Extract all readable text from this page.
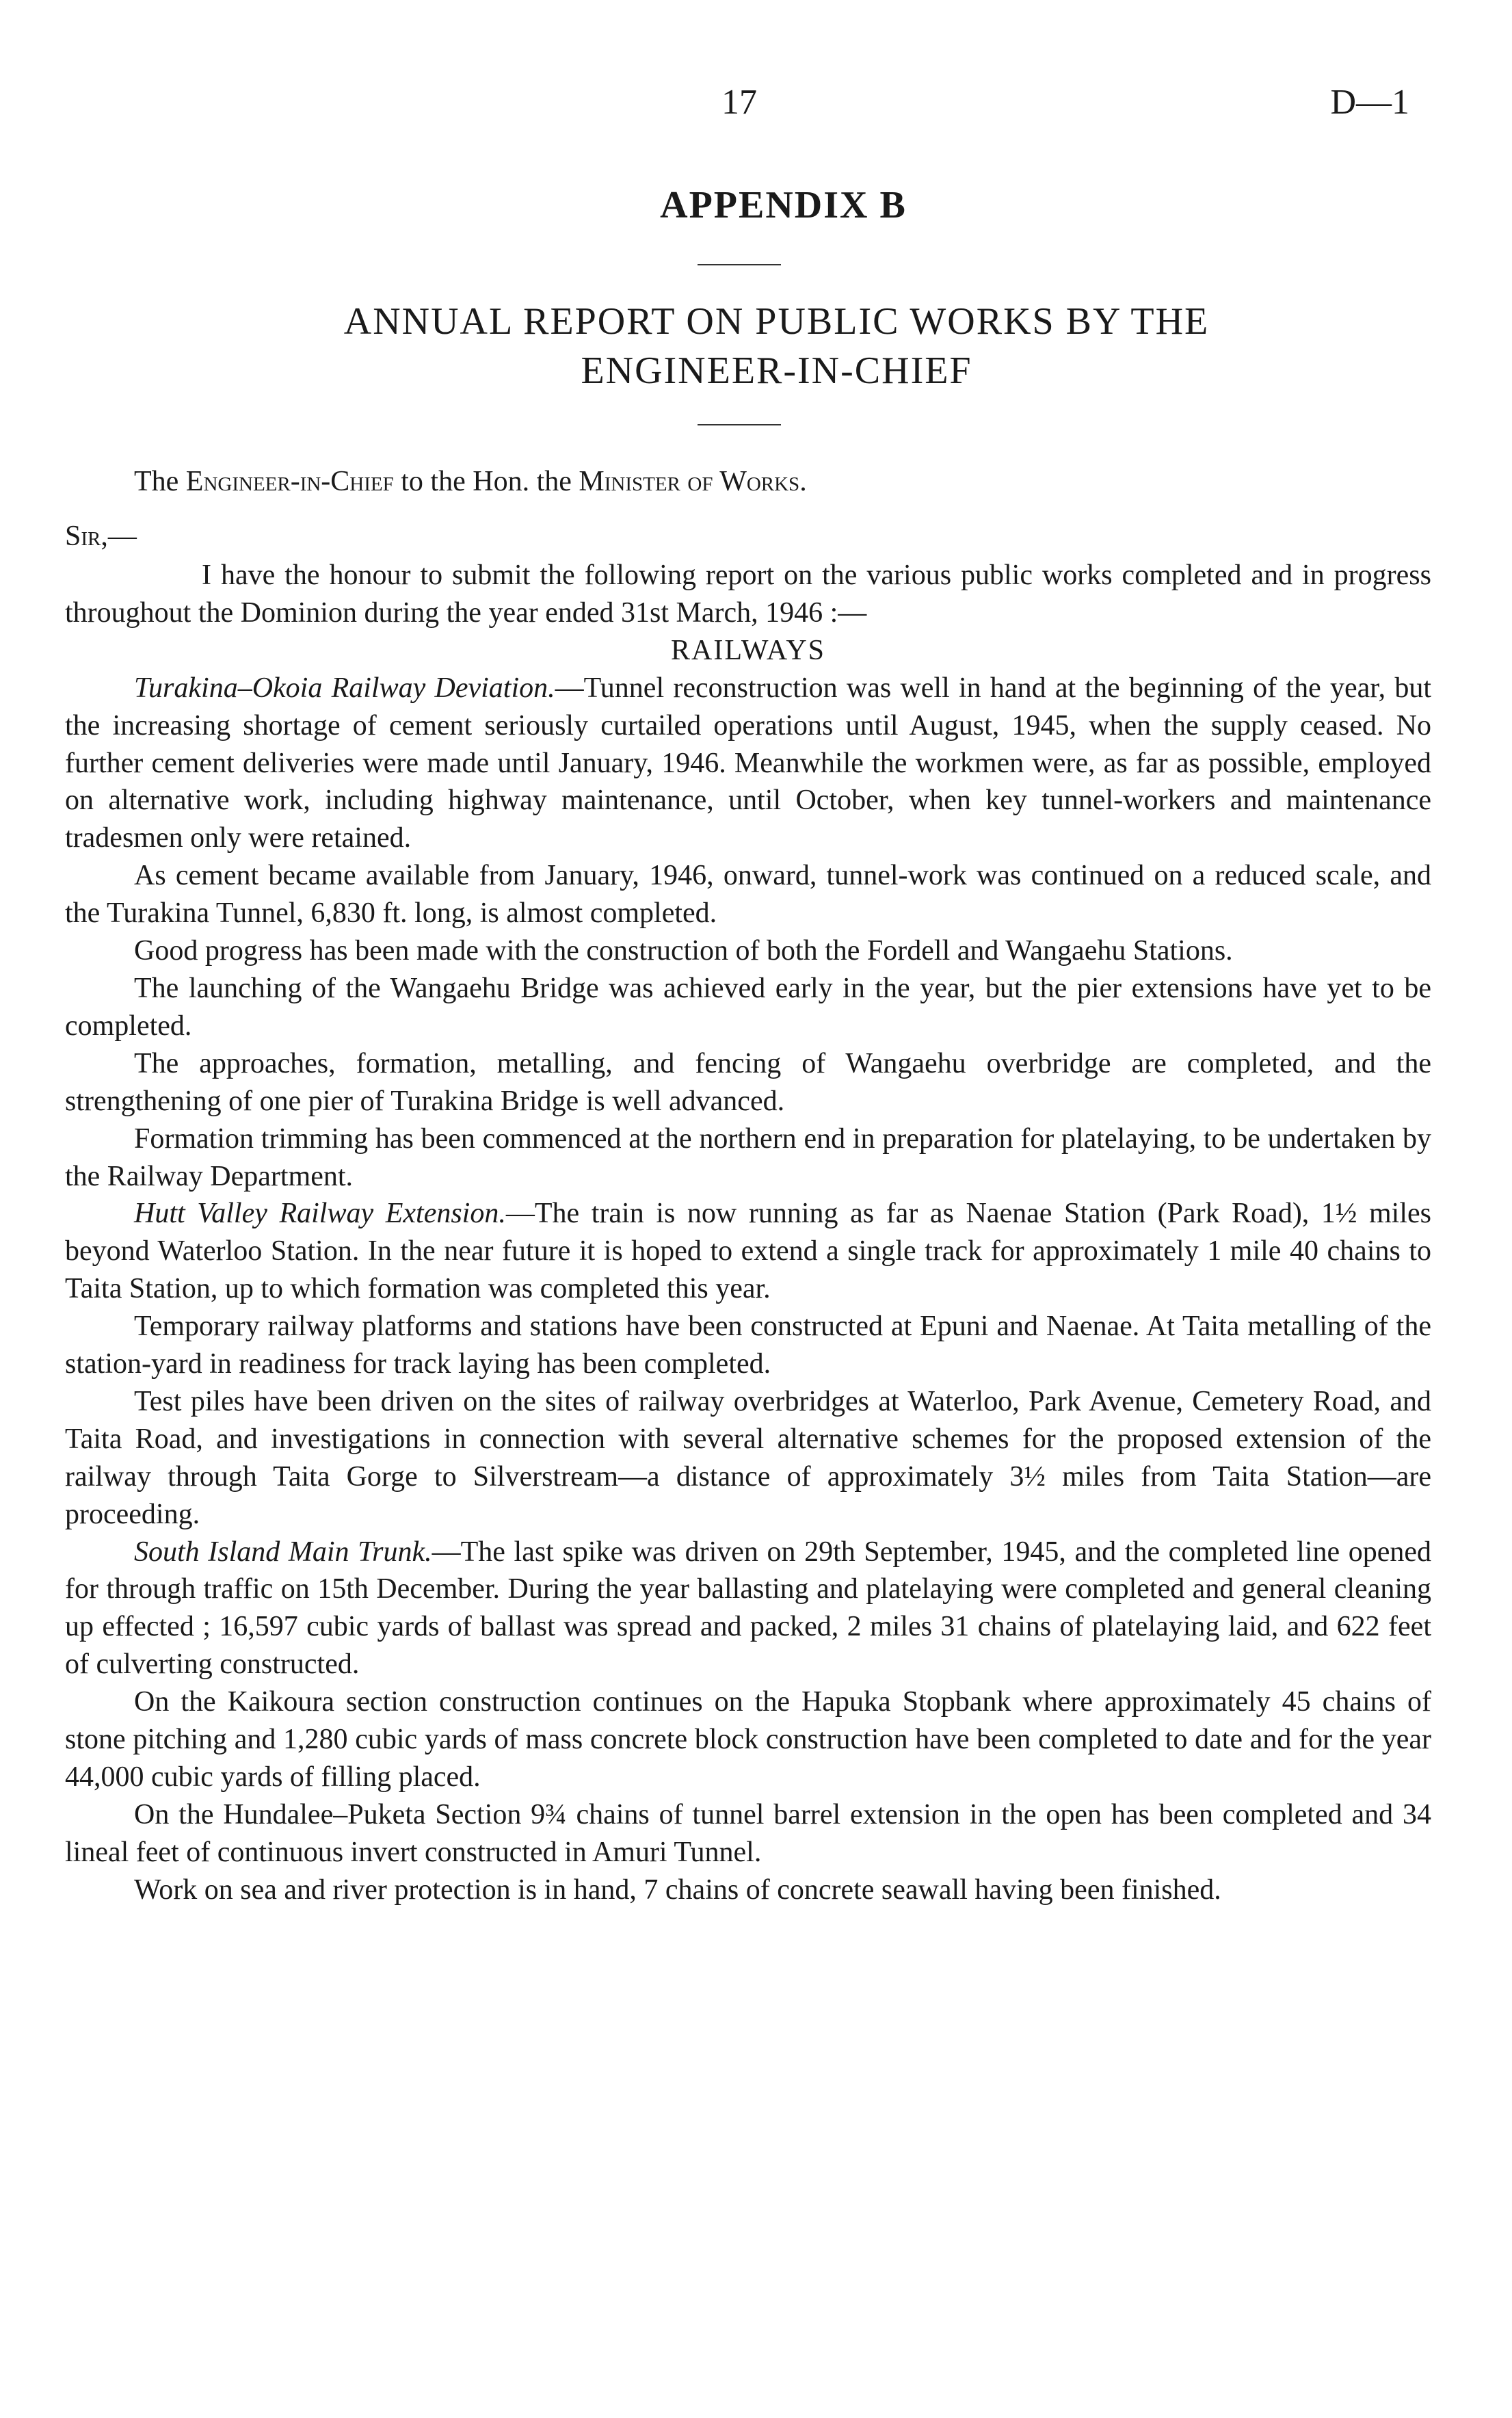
17	D—1
APPENDIX B
ANNUAL REPORT ON PUBLIC WORKS BY THE
ENGINEER-IN-CHIEF
The Engineer-in-Chief to the Hon. the Minister of Works.
Sir,—

I have the honour to submit the following report on the various public works completed and in progress throughout the Dominion during the year ended 31st March, 1946 :—

RAILWAYS

Turakina–Okoia Railway Deviation.—Tunnel reconstruction was well in hand at the beginning of the year, but the increasing shortage of cement seriously curtailed operations until August, 1945, when the supply ceased. No further cement deliveries were made until January, 1946. Meanwhile the workmen were, as far as possible, employed on alternative work, including highway maintenance, until October, when key tunnel-workers and maintenance tradesmen only were retained.

As cement became available from January, 1946, onward, tunnel-work was continued on a reduced scale, and the Turakina Tunnel, 6,830 ft. long, is almost completed.

Good progress has been made with the construction of both the Fordell and Wangaehu Stations.

The launching of the Wangaehu Bridge was achieved early in the year, but the pier extensions have yet to be completed.

The approaches, formation, metalling, and fencing of Wangaehu overbridge are completed, and the strengthening of one pier of Turakina Bridge is well advanced.

Formation trimming has been commenced at the northern end in preparation for platelaying, to be undertaken by the Railway Department.

Hutt Valley Railway Extension.—The train is now running as far as Naenae Station (Park Road), 1½ miles beyond Waterloo Station. In the near future it is hoped to extend a single track for approximately 1 mile 40 chains to Taita Station, up to which formation was completed this year.

Temporary railway platforms and stations have been constructed at Epuni and Naenae. At Taita metalling of the station-yard in readiness for track laying has been completed.

Test piles have been driven on the sites of railway overbridges at Waterloo, Park Avenue, Cemetery Road, and Taita Road, and investigations in connection with several alternative schemes for the proposed extension of the railway through Taita Gorge to Silverstream—a distance of approximately 3½ miles from Taita Station—are proceeding.

South Island Main Trunk.—The last spike was driven on 29th September, 1945, and the completed line opened for through traffic on 15th December. During the year ballasting and platelaying were completed and general cleaning up effected ; 16,597 cubic yards of ballast was spread and packed, 2 miles 31 chains of platelaying laid, and 622 feet of culverting constructed.

On the Kaikoura section construction continues on the Hapuka Stopbank where approximately 45 chains of stone pitching and 1,280 cubic yards of mass concrete block construction have been completed to date and for the year 44,000 cubic yards of filling placed.

On the Hundalee–Puketa Section 9¾ chains of tunnel barrel extension in the open has been completed and 34 lineal feet of continuous invert constructed in Amuri Tunnel.

Work on sea and river protection is in hand, 7 chains of concrete seawall having been finished.
